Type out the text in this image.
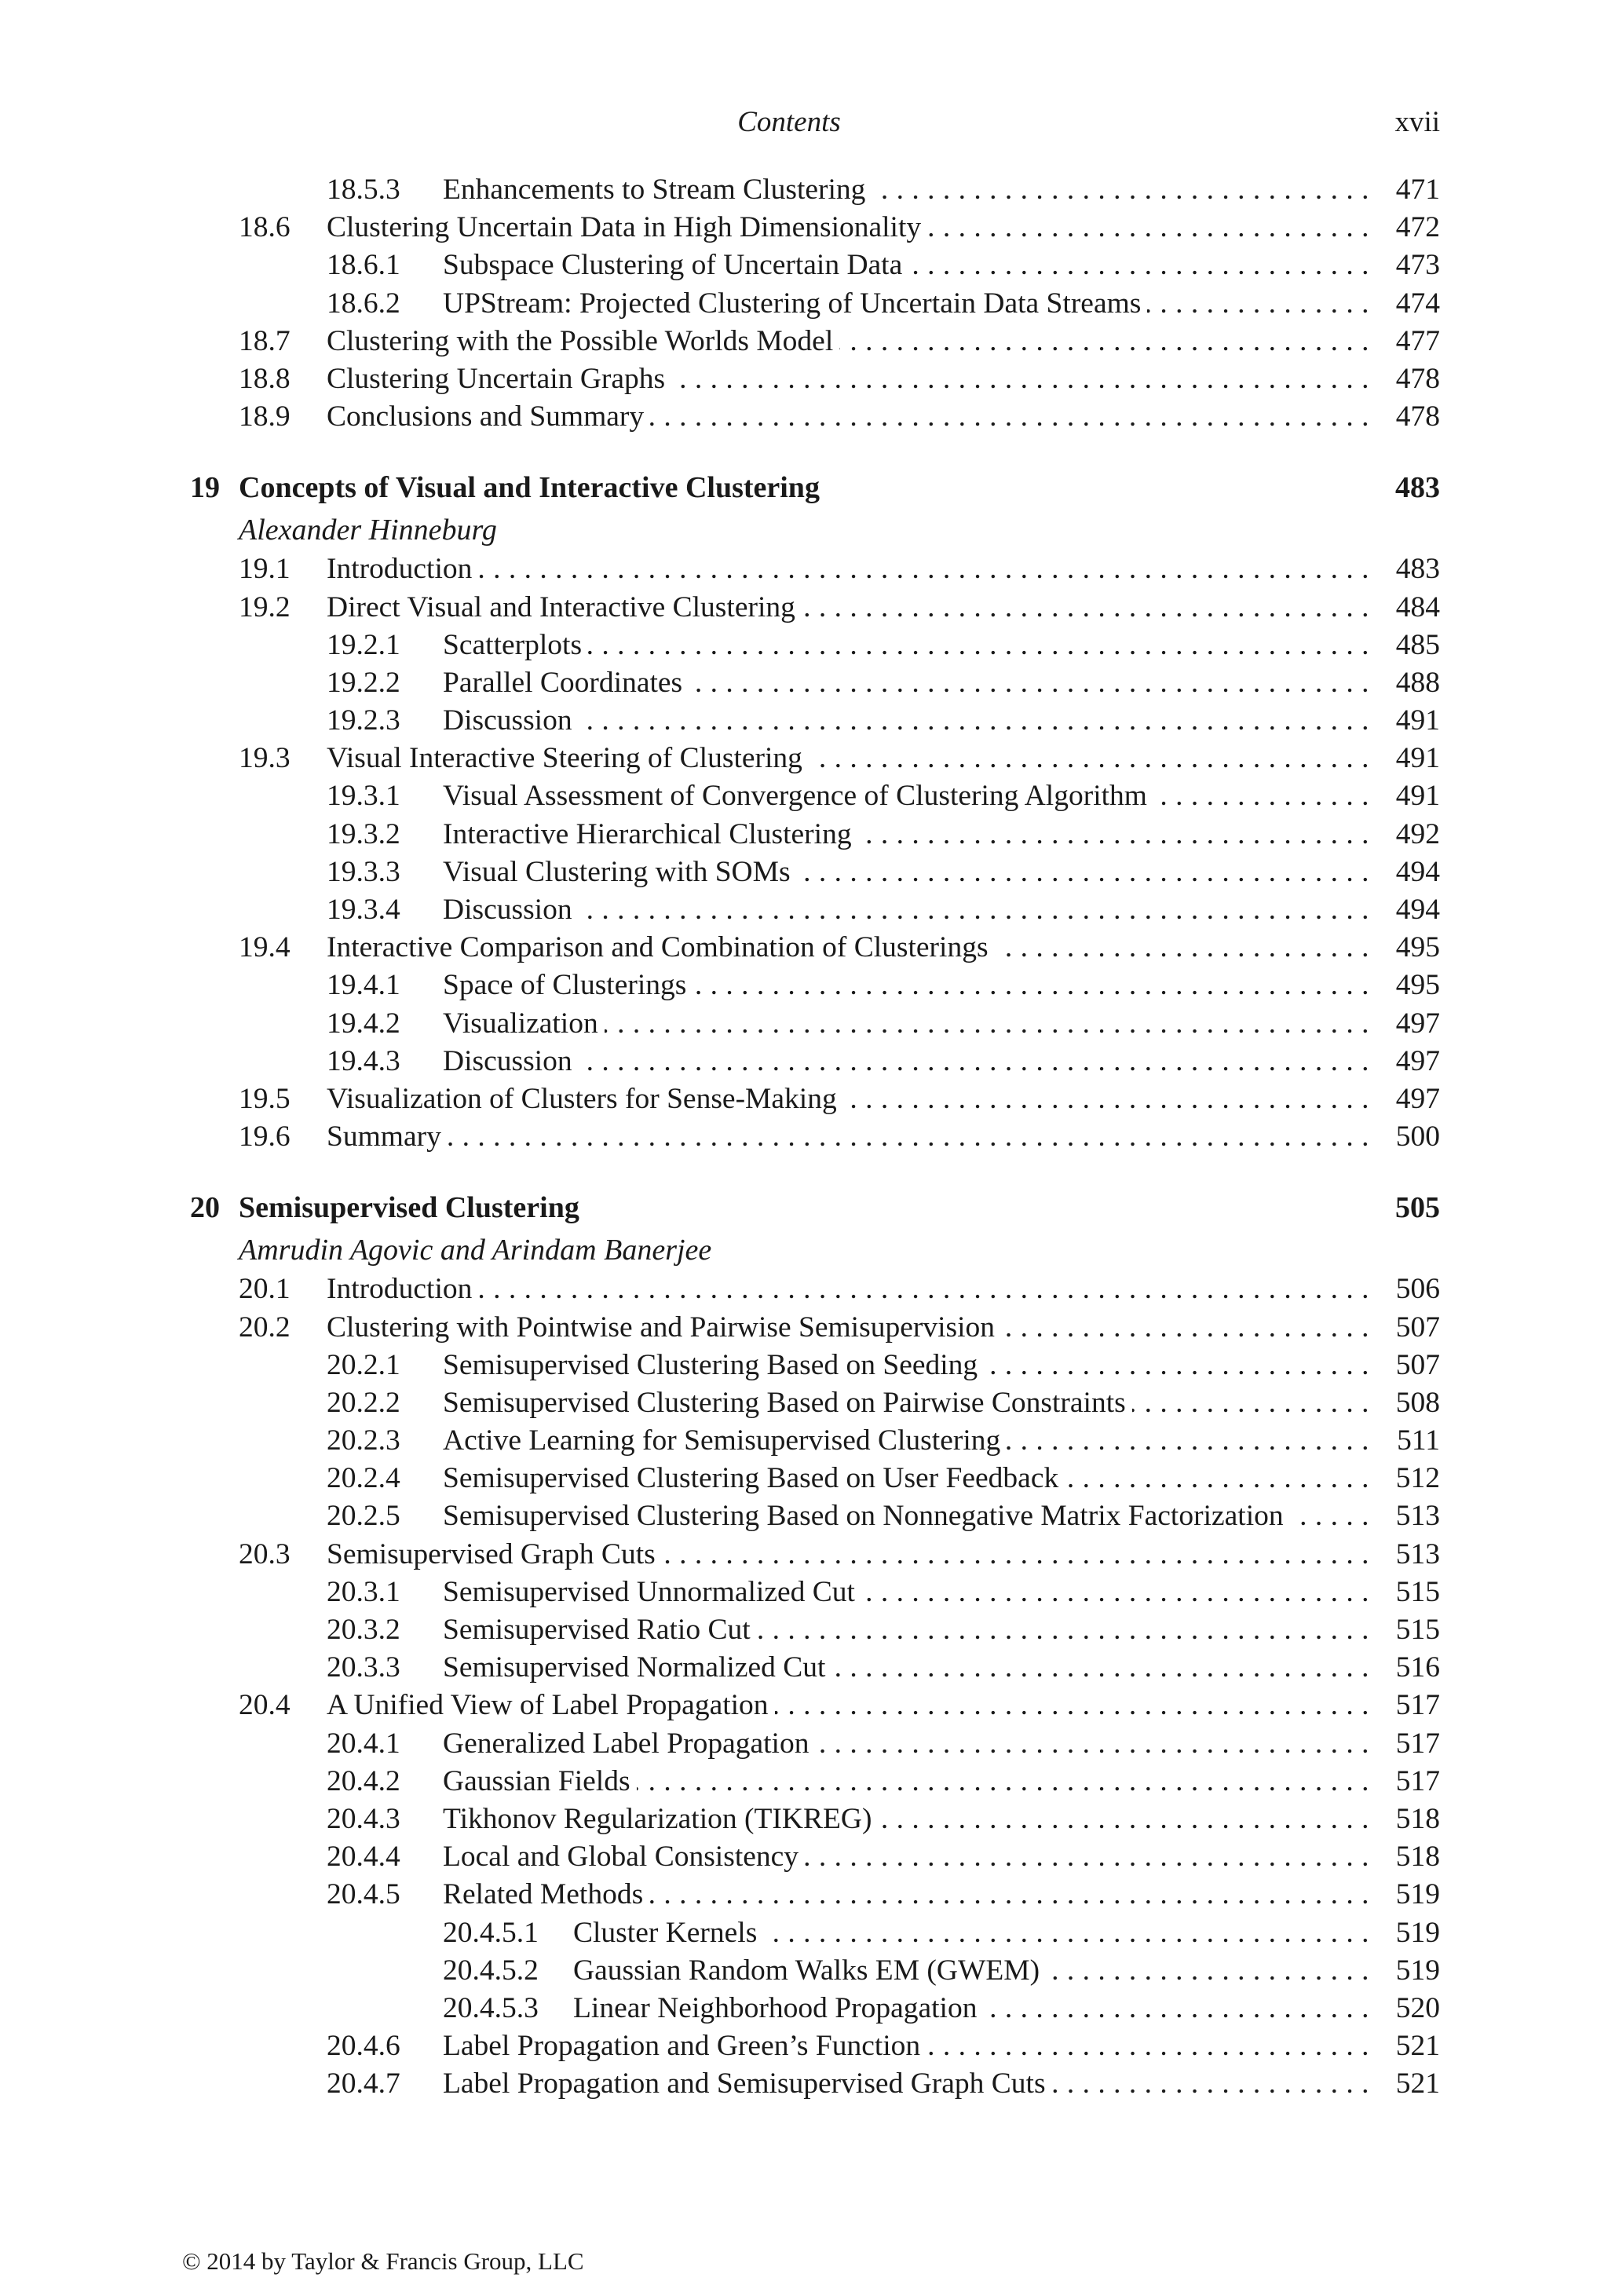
Contents	xvii
18.5.3 Enhancements to Stream Clustering . . .	471
18.6 Clustering Uncertain Data in High Dimensionality . . .	472
18.6.1 Subspace Clustering of Uncertain Data . . .	473
18.6.2 UPStream: Projected Clustering of Uncertain Data Streams . . .	474
18.7 Clustering with the Possible Worlds Model . . .	477
18.8 Clustering Uncertain Graphs . . .	478
18.9 Conclusions and Summary . . .	478
19 Concepts of Visual and Interactive Clustering	483
Alexander Hinneburg
19.1 Introduction . . .	483
19.2 Direct Visual and Interactive Clustering . . .	484
19.2.1 Scatterplots . . .	485
19.2.2 Parallel Coordinates . . .	488
19.2.3 Discussion . . .	491
19.3 Visual Interactive Steering of Clustering . . .	491
19.3.1 Visual Assessment of Convergence of Clustering Algorithm . . .	491
19.3.2 Interactive Hierarchical Clustering . . .	492
19.3.3 Visual Clustering with SOMs . . .	494
19.3.4 Discussion . . .	494
19.4 Interactive Comparison and Combination of Clusterings . . .	495
19.4.1 Space of Clusterings . . .	495
19.4.2 Visualization . . .	497
19.4.3 Discussion . . .	497
19.5 Visualization of Clusters for Sense-Making . . .	497
19.6 Summary . . .	500
20 Semisupervised Clustering	505
Amrudin Agovic and Arindam Banerjee
20.1 Introduction . . .	506
20.2 Clustering with Pointwise and Pairwise Semisupervision . . .	507
20.2.1 Semisupervised Clustering Based on Seeding . . .	507
20.2.2 Semisupervised Clustering Based on Pairwise Constraints . . .	508
20.2.3 Active Learning for Semisupervised Clustering . . .	511
20.2.4 Semisupervised Clustering Based on User Feedback . . .	512
20.2.5 Semisupervised Clustering Based on Nonnegative Matrix Factorization . . .	513
20.3 Semisupervised Graph Cuts . . .	513
20.3.1 Semisupervised Unnormalized Cut . . .	515
20.3.2 Semisupervised Ratio Cut . . .	515
20.3.3 Semisupervised Normalized Cut . . .	516
20.4 A Unified View of Label Propagation . . .	517
20.4.1 Generalized Label Propagation . . .	517
20.4.2 Gaussian Fields . . .	517
20.4.3 Tikhonov Regularization (TIKREG) . . .	518
20.4.4 Local and Global Consistency . . .	518
20.4.5 Related Methods . . .	519
20.4.5.1 Cluster Kernels . . .	519
20.4.5.2 Gaussian Random Walks EM (GWEM) . . .	519
20.4.5.3 Linear Neighborhood Propagation . . .	520
20.4.6 Label Propagation and Green’s Function . . .	521
20.4.7 Label Propagation and Semisupervised Graph Cuts . . .	521
© 2014 by Taylor & Francis Group, LLC
